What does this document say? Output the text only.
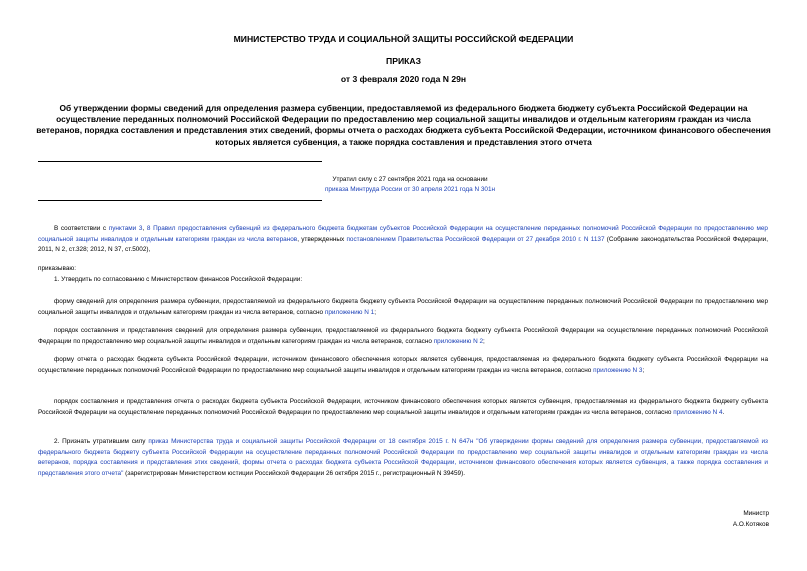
МИНИСТЕРСТВО ТРУДА И СОЦИАЛЬНОЙ ЗАЩИТЫ РОССИЙСКОЙ ФЕДЕРАЦИИ
ПРИКАЗ
от 3 февраля 2020 года N 29н
Об утверждении формы сведений для определения размера субвенции, предоставляемой из федерального бюджета бюджету субъекта Российской Федерации на осуществление переданных полномочий Российской Федерации по предоставлению мер социальной защиты инвалидов и отдельным категориям граждан из числа ветеранов, порядка составления и представления этих сведений, формы отчета о расходах бюджета субъекта Российской Федерации, источником финансового обеспечения которых является субвенция, а также порядка составления и представления этого отчета
Утратил силу с 27 сентября 2021 года на основании
приказа Минтруда России от 30 апреля 2021 года N 301н
В соответствии с пунктами 3, 8 Правил предоставления субвенций из федерального бюджета бюджетам субъектов Российской Федерации на осуществление переданных полномочий Российской Федерации по предоставлению мер социальной защиты инвалидов и отдельным категориям граждан из числа ветеранов, утвержденных постановлением Правительства Российской Федерации от 27 декабря 2010 г. N 1137 (Собрание законодательства Российской Федерации, 2011, N 2, ст.328; 2012, N 37, ст.5002),
приказываю:
1. Утвердить по согласованию с Министерством финансов Российской Федерации:
форму сведений для определения размера субвенции, предоставляемой из федерального бюджета бюджету субъекта Российской Федерации на осуществление переданных полномочий Российской Федерации по предоставлению мер социальной защиты инвалидов и отдельным категориям граждан из числа ветеранов, согласно приложению N 1;
порядок составления и представления сведений для определения размера субвенции, предоставляемой из федерального бюджета бюджету субъекта Российской Федерации на осуществление переданных полномочий Российской Федерации по предоставлению мер социальной защиты инвалидов и отдельным категориям граждан из числа ветеранов, согласно приложению N 2;
форму отчета о расходах бюджета субъекта Российской Федерации, источником финансового обеспечения которых является субвенция, предоставляемая из федерального бюджета бюджету субъекта Российской Федерации на осуществление переданных полномочий Российской Федерации по предоставлению мер социальной защиты инвалидов и отдельным категориям граждан из числа ветеранов, согласно приложению N 3;
порядок составления и представления отчета о расходах бюджета субъекта Российской Федерации, источником финансового обеспечения которых является субвенция, предоставляемая из федерального бюджета бюджету субъекта Российской Федерации на осуществление переданных полномочий Российской Федерации по предоставлению мер социальной защиты инвалидов и отдельным категориям граждан из числа ветеранов, согласно приложению N 4.
2. Признать утратившим силу приказ Министерства труда и социальной защиты Российской Федерации от 18 сентября 2015 г. N 647н "Об утверждении формы сведений для определения размера субвенции, предоставляемой из федерального бюджета бюджету субъекта Российской Федерации на осуществление переданных полномочий Российской Федерации по предоставлению мер социальной защиты инвалидов и отдельным категориям граждан из числа ветеранов, порядка составления и представления этих сведений, формы отчета о расходах бюджета субъекта Российской Федерации, источником финансового обеспечения которых является субвенция, а также порядка составления и представления этого отчета" (зарегистрирован Министерством юстиции Российской Федерации 26 октября 2015 г., регистрационный N 39459).
Министр
А.О.Котяков
